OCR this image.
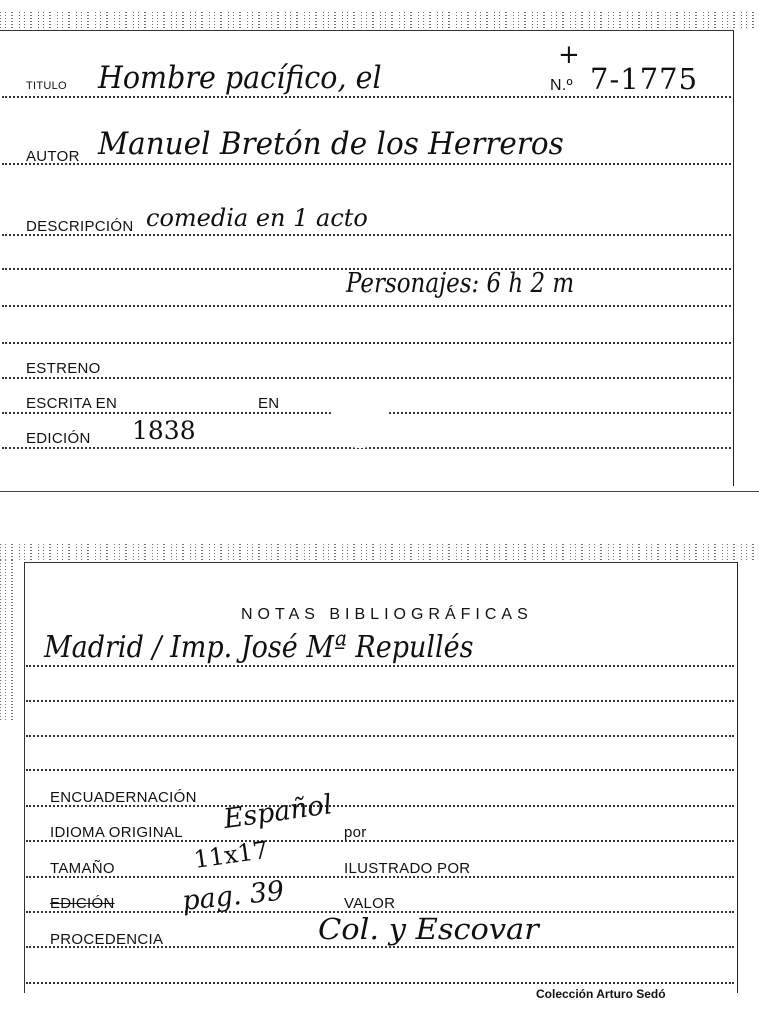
TITULO Hombre pacífico, el
+
N.º 7-1775
AUTOR Manuel Bretón de los Herreros
DESCRIPCIÓN comedia en 1 acto
Personajes: 6 h 2 m
ESTRENO
ESCRITA EN	EN
EDICIÓN 1838
NOTAS BIBLIOGRÁFICAS
Madrid / Imp. José Mª Repullés
ENCUADERNACIÓN
IDIOMA ORIGINAL Español por
TAMAÑO	11x17	ILUSTRADO POR
EDICIÓN pag. 39	VALOR
PROCEDENCIA	Col. y Escovar
Colección Arturo Sedó
